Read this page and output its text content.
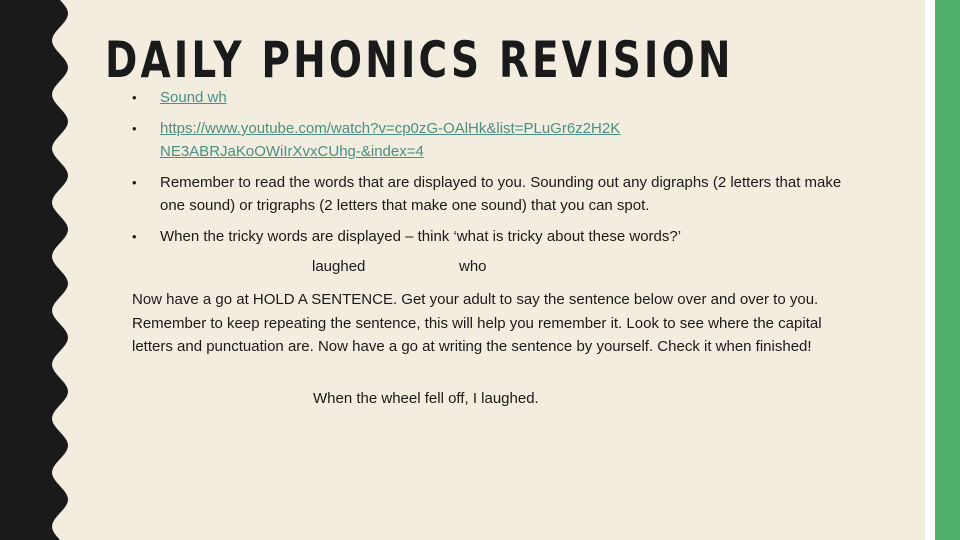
DAILY PHONICS REVISION
• Sound wh
• https://www.youtube.com/watch?v=cp0zG-OAlHk&list=PLuGr6z2H2KNE3ABRJaKoOWiIrXvxCUhg-&index=4
• Remember to read the words that are displayed to you. Sounding out any digraphs (2 letters that make one sound) or trigraphs (2 letters that make one sound) that you can spot.
• When the tricky words are displayed – think ‘what is tricky about these words?’
laughed	who

Now have a go at HOLD A SENTENCE. Get your adult to say the sentence below over and over to you. Remember to keep repeating the sentence, this will help you remember it. Look to see where the capital letters and punctuation are. Now have a go at writing the sentence by yourself. Check it when finished!

When the wheel fell off, I laughed.
